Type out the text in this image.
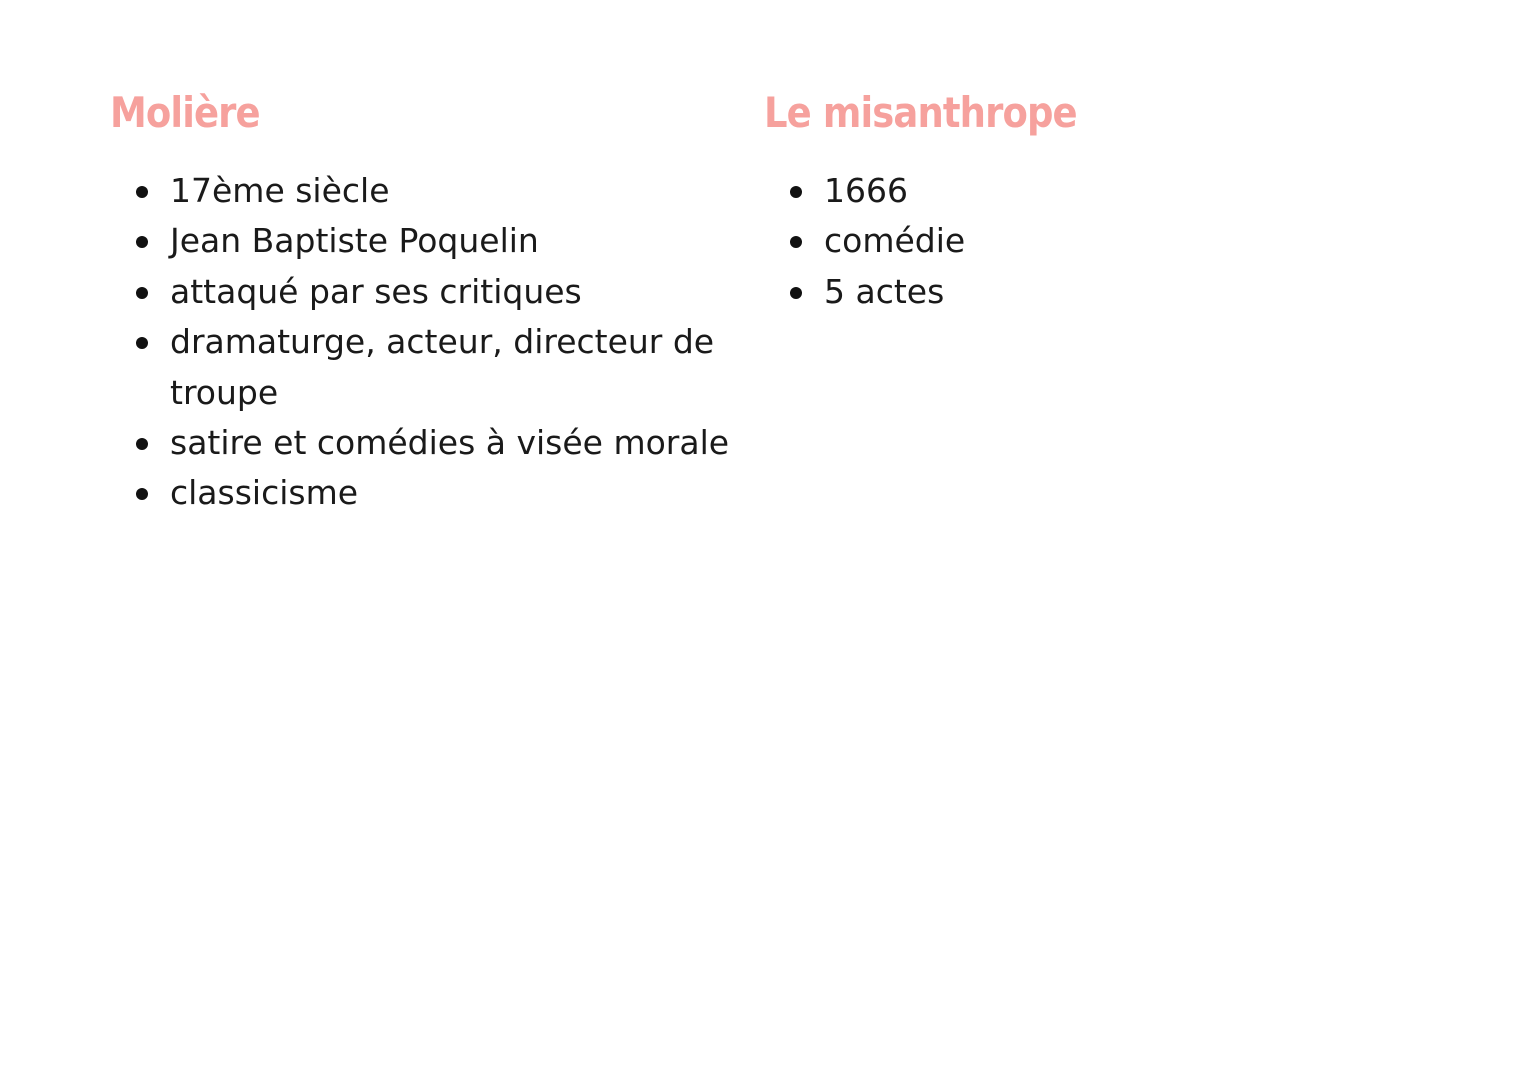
Molière
17ème siècle
Jean Baptiste Poquelin
attaqué par ses critiques
dramaturge, acteur, directeur de troupe
satire et comédies à visée morale
classicisme
Le misanthrope
1666
comédie
5 actes
